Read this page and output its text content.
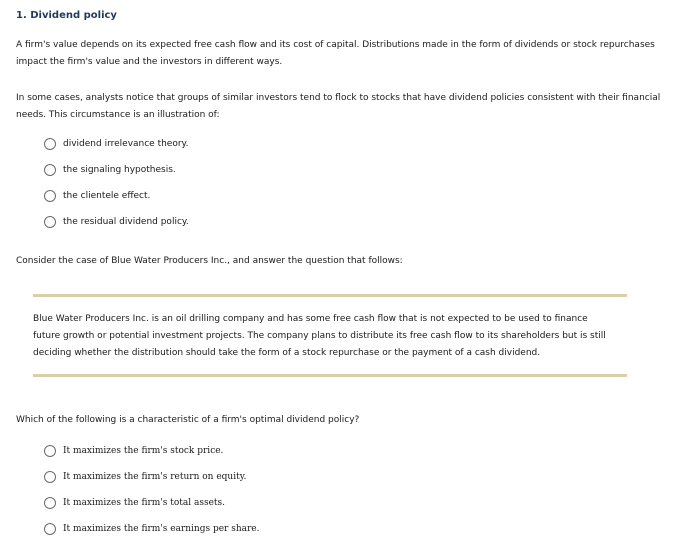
1. Dividend policy

A firm's value depends on its expected free cash flow and its cost of capital. Distributions made in the form of dividends or stock repurchases impact the firm's value and the investors in different ways.

In some cases, analysts notice that groups of similar investors tend to flock to stocks that have dividend policies consistent with their financial needs. This circumstance is an illustration of:

dividend irrelevance theory.
the signaling hypothesis.
the clientele effect.
the residual dividend policy.

Consider the case of Blue Water Producers Inc., and answer the question that follows:

Blue Water Producers Inc. is an oil drilling company and has some free cash flow that is not expected to be used to finance future growth or potential investment projects. The company plans to distribute its free cash flow to its shareholders but is still deciding whether the distribution should take the form of a stock repurchase or the payment of a cash dividend.

Which of the following is a characteristic of a firm's optimal dividend policy?

It maximizes the firm's stock price.
It maximizes the firm's return on equity.
It maximizes the firm's total assets.
It maximizes the firm's earnings per share.
